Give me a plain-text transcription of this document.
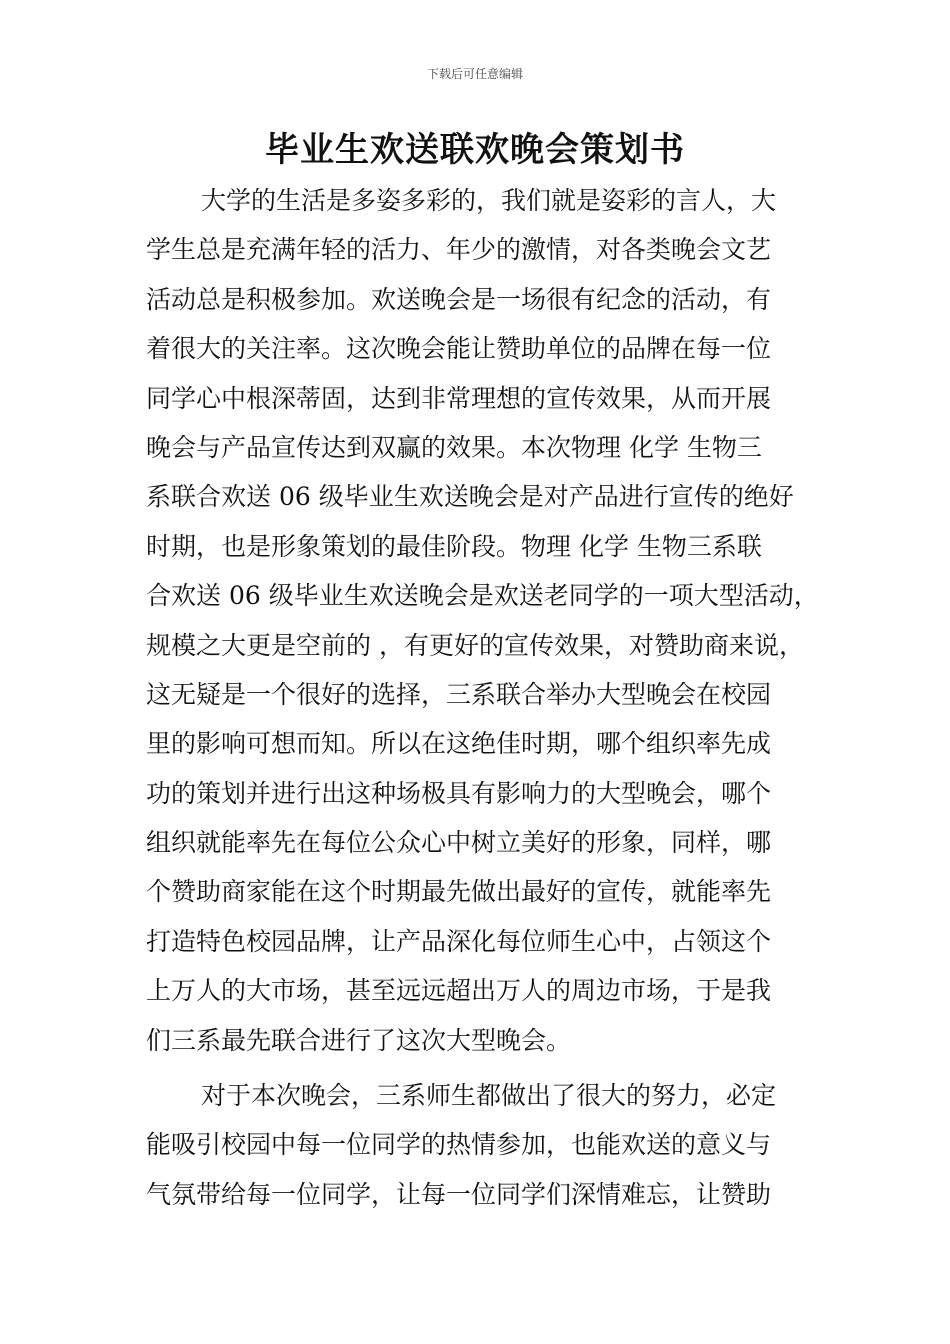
下载后可任意编辑
毕业生欢送联欢晚会策划书
大学的生活是多姿多彩的，我们就是姿彩的言人，大
学生总是充满年轻的活力、年少的激情，对各类晚会文艺
活动总是积极参加。欢送晚会是一场很有纪念的活动，有
着很大的关注率。这次晚会能让赞助单位的品牌在每一位
同学心中根深蒂固，达到非常理想的宣传效果，从而开展
晚会与产品宣传达到双赢的效果。本次物理 化学 生物三
系联合欢送 06 级毕业生欢送晚会是对产品进行宣传的绝好
时期，也是形象策划的最佳阶段。物理 化学 生物三系联
合欢送 06 级毕业生欢送晚会是欢送老同学的一项大型活动，
规模之大更是空前的 ，有更好的宣传效果，对赞助商来说，
这无疑是一个很好的选择，三系联合举办大型晚会在校园
里的影响可想而知。所以在这绝佳时期，哪个组织率先成
功的策划并进行出这种场极具有影响力的大型晚会，哪个
组织就能率先在每位公众心中树立美好的形象，同样，哪
个赞助商家能在这个时期最先做出最好的宣传，就能率先
打造特色校园品牌，让产品深化每位师生心中，占领这个
上万人的大市场，甚至远远超出万人的周边市场，于是我
们三系最先联合进行了这次大型晚会。
对于本次晚会，三系师生都做出了很大的努力，必定
能吸引校园中每一位同学的热情参加，也能欢送的意义与
气氛带给每一位同学，让每一位同学们深情难忘，让赞助
